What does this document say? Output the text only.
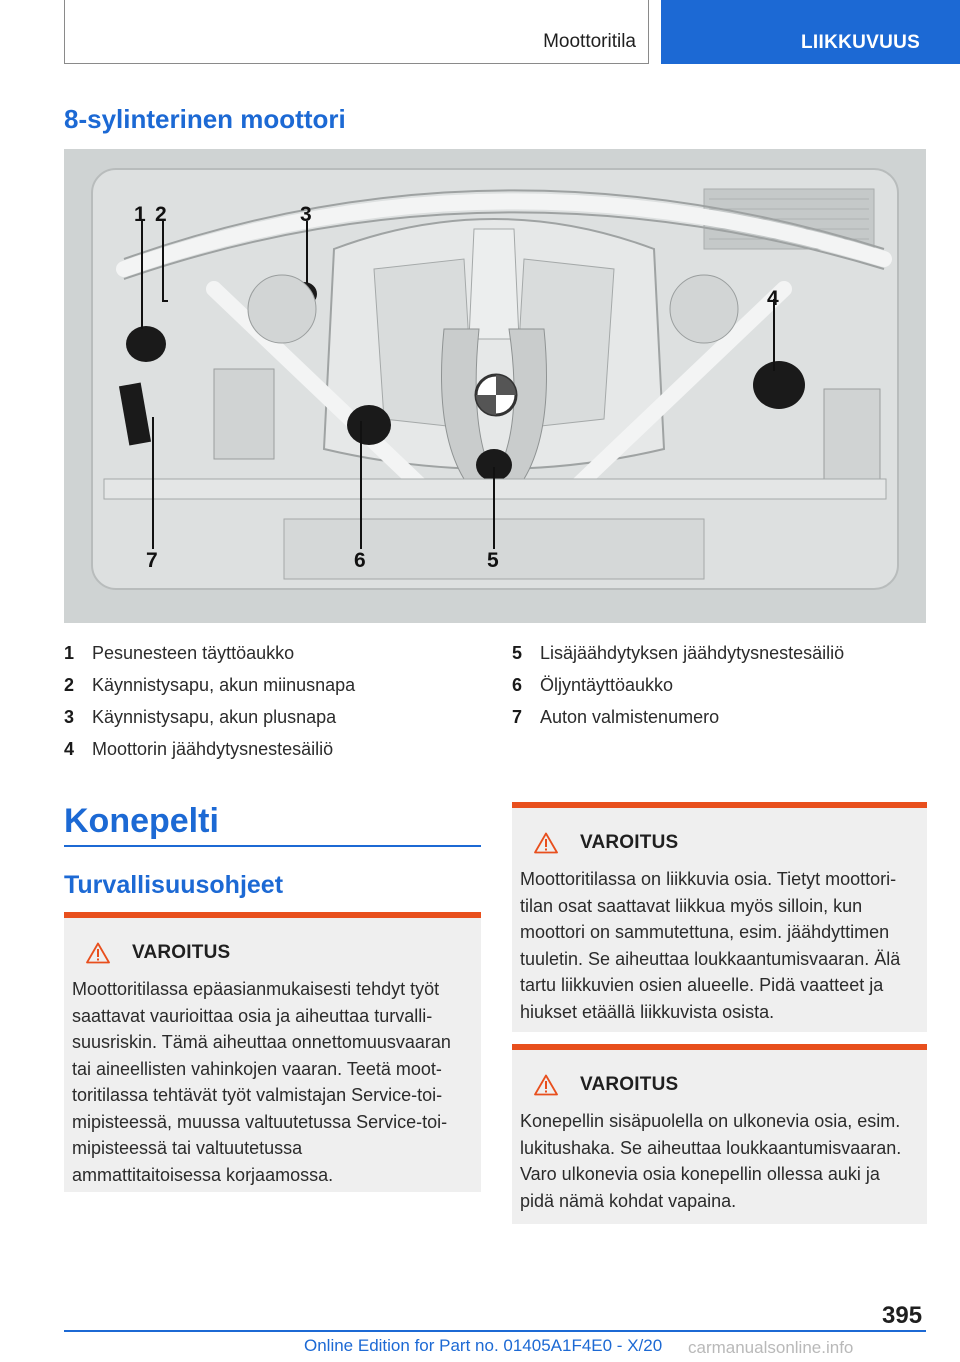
Moottoritila	LIIKKUVUUS
8-sylinterinen moottori
1 2	3
4
5
6
7
1 Pesunesteen täyttöaukko
2 Käynnistysapu, akun miinusnapa
3 Käynnistysapu, akun plusnapa
4 Moottorin jäähdytysnestesäiliö
5 Lisäjäähdytyksen jäähdytysnestesäiliö
6 Öljyntäyttöaukko
7 Auton valmistenumero
Konepelti
Turvallisuusohjeet
VAROITUS
Moottoritilassa epäasianmukaisesti tehdyt työt
saattavat vaurioittaa osia ja aiheuttaa turvalli-
suusriskin. Tämä aiheuttaa onnettomuusvaaran
tai aineellisten vahinkojen vaaran. Teetä moot-
toritilassa tehtävät työt valmistajan Service-toi-
mipisteessä, muussa valtuutetussa Service-toi-
mipisteessä tai valtuutetussa
ammattitaitoisessa korjaamossa.
VAROITUS
Moottoritilassa on liikkuvia osia. Tietyt moottori-
tilan osat saattavat liikkua myös silloin, kun
moottori on sammutettuna, esim. jäähdyttimen
tuuletin. Se aiheuttaa loukkaantumisvaaran. Älä
tartu liikkuvien osien alueelle. Pidä vaatteet ja
hiukset etäällä liikkuvista osista.
VAROITUS
Konepellin sisäpuolella on ulkonevia osia, esim.
lukitushaka. Se aiheuttaa loukkaantumisvaaran.
Varo ulkonevia osia konepellin ollessa auki ja
pidä nämä kohdat vapaina.
395
Online Edition for Part no. 01405A1F4E0 - X/20 carmanualsonline.info
